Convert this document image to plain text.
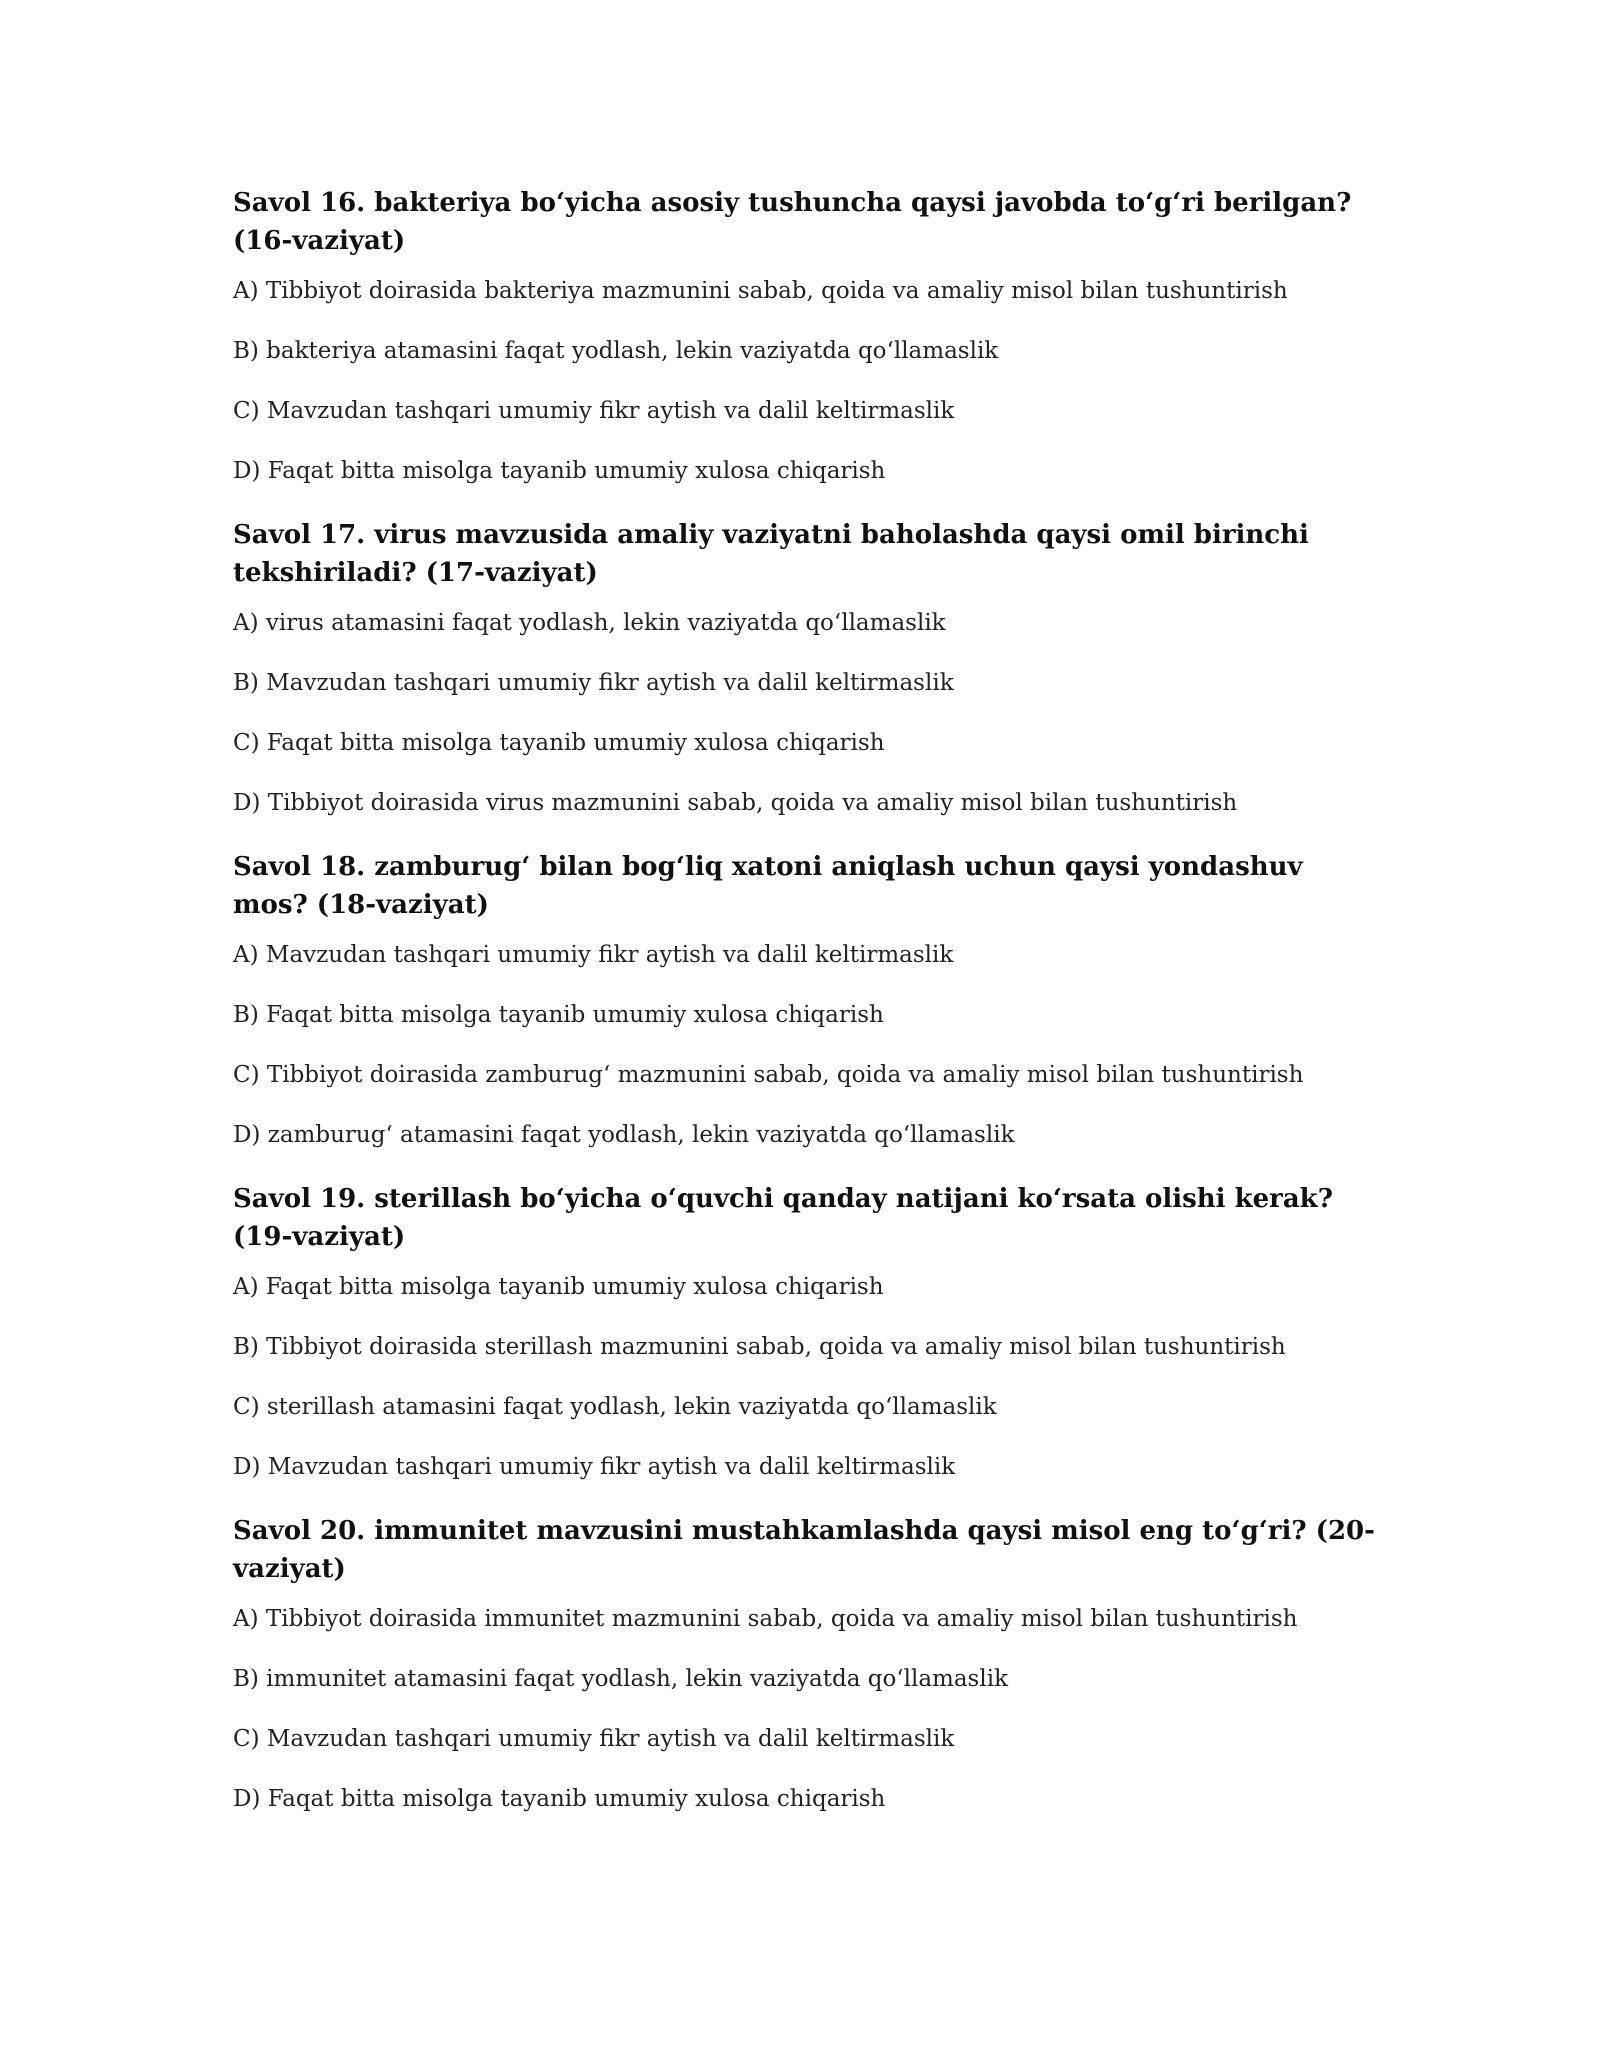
Savol 16. bakteriya bo‘yicha asosiy tushuncha qaysi javobda to‘g‘ri berilgan? (16-vaziyat)
A) Tibbiyot doirasida bakteriya mazmunini sabab, qoida va amaliy misol bilan tushuntirish
B) bakteriya atamasini faqat yodlash, lekin vaziyatda qo‘llamaslik
C) Mavzudan tashqari umumiy fikr aytish va dalil keltirmaslik
D) Faqat bitta misolga tayanib umumiy xulosa chiqarish
Savol 17. virus mavzusida amaliy vaziyatni baholashda qaysi omil birinchi tekshiriladi? (17-vaziyat)
A) virus atamasini faqat yodlash, lekin vaziyatda qo‘llamaslik
B) Mavzudan tashqari umumiy fikr aytish va dalil keltirmaslik
C) Faqat bitta misolga tayanib umumiy xulosa chiqarish
D) Tibbiyot doirasida virus mazmunini sabab, qoida va amaliy misol bilan tushuntirish
Savol 18. zamburug‘ bilan bog‘liq xatoni aniqlash uchun qaysi yondashuv mos? (18-vaziyat)
A) Mavzudan tashqari umumiy fikr aytish va dalil keltirmaslik
B) Faqat bitta misolga tayanib umumiy xulosa chiqarish
C) Tibbiyot doirasida zamburug‘ mazmunini sabab, qoida va amaliy misol bilan tushuntirish
D) zamburug‘ atamasini faqat yodlash, lekin vaziyatda qo‘llamaslik
Savol 19. sterillash bo‘yicha o‘quvchi qanday natijani ko‘rsata olishi kerak? (19-vaziyat)
A) Faqat bitta misolga tayanib umumiy xulosa chiqarish
B) Tibbiyot doirasida sterillash mazmunini sabab, qoida va amaliy misol bilan tushuntirish
C) sterillash atamasini faqat yodlash, lekin vaziyatda qo‘llamaslik
D) Mavzudan tashqari umumiy fikr aytish va dalil keltirmaslik
Savol 20. immunitet mavzusini mustahkamlashda qaysi misol eng to‘g‘ri? (20-vaziyat)
A) Tibbiyot doirasida immunitet mazmunini sabab, qoida va amaliy misol bilan tushuntirish
B) immunitet atamasini faqat yodlash, lekin vaziyatda qo‘llamaslik
C) Mavzudan tashqari umumiy fikr aytish va dalil keltirmaslik
D) Faqat bitta misolga tayanib umumiy xulosa chiqarish
